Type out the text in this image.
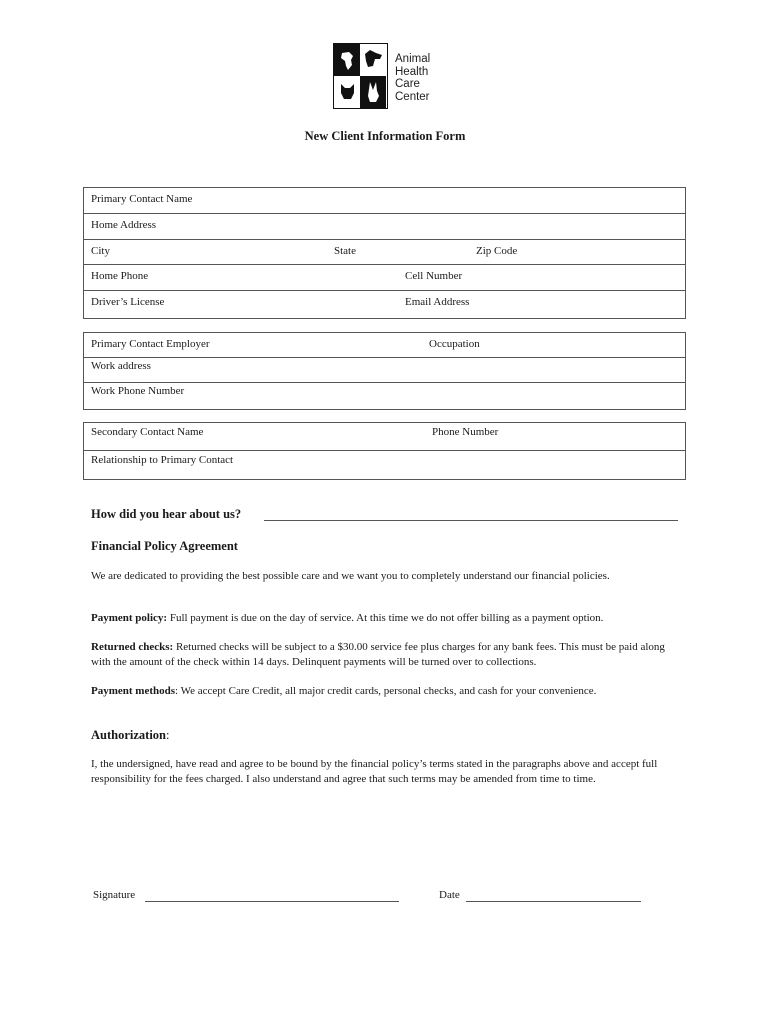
Animal
Health
Care
Center
New Client Information Form
Primary Contact Name
Home Address
City	State	Zip Code
Home Phone	Cell Number
Driver’s License	Email Address
Primary Contact Employer	Occupation
Work address
Work Phone Number
Secondary Contact Name	Phone Number
Relationship to Primary Contact
How did you hear about us?
Financial Policy Agreement
We are dedicated to providing the best possible care and we want you to completely understand our financial policies.
Payment policy: Full payment is due on the day of service. At this time we do not offer billing as a payment option.
Returned checks: Returned checks will be subject to a $30.00 service fee plus charges for any bank fees. This must be paid along with the amount of the check within 14 days. Delinquent payments will be turned over to collections.
Payment methods: We accept Care Credit, all major credit cards, personal checks, and cash for your convenience.
Authorization:
I, the undersigned, have read and agree to be bound by the financial policy’s terms stated in the paragraphs above and accept full responsibility for the fees charged. I also understand and agree that such terms may be amended from time to time.
Signature	Date
